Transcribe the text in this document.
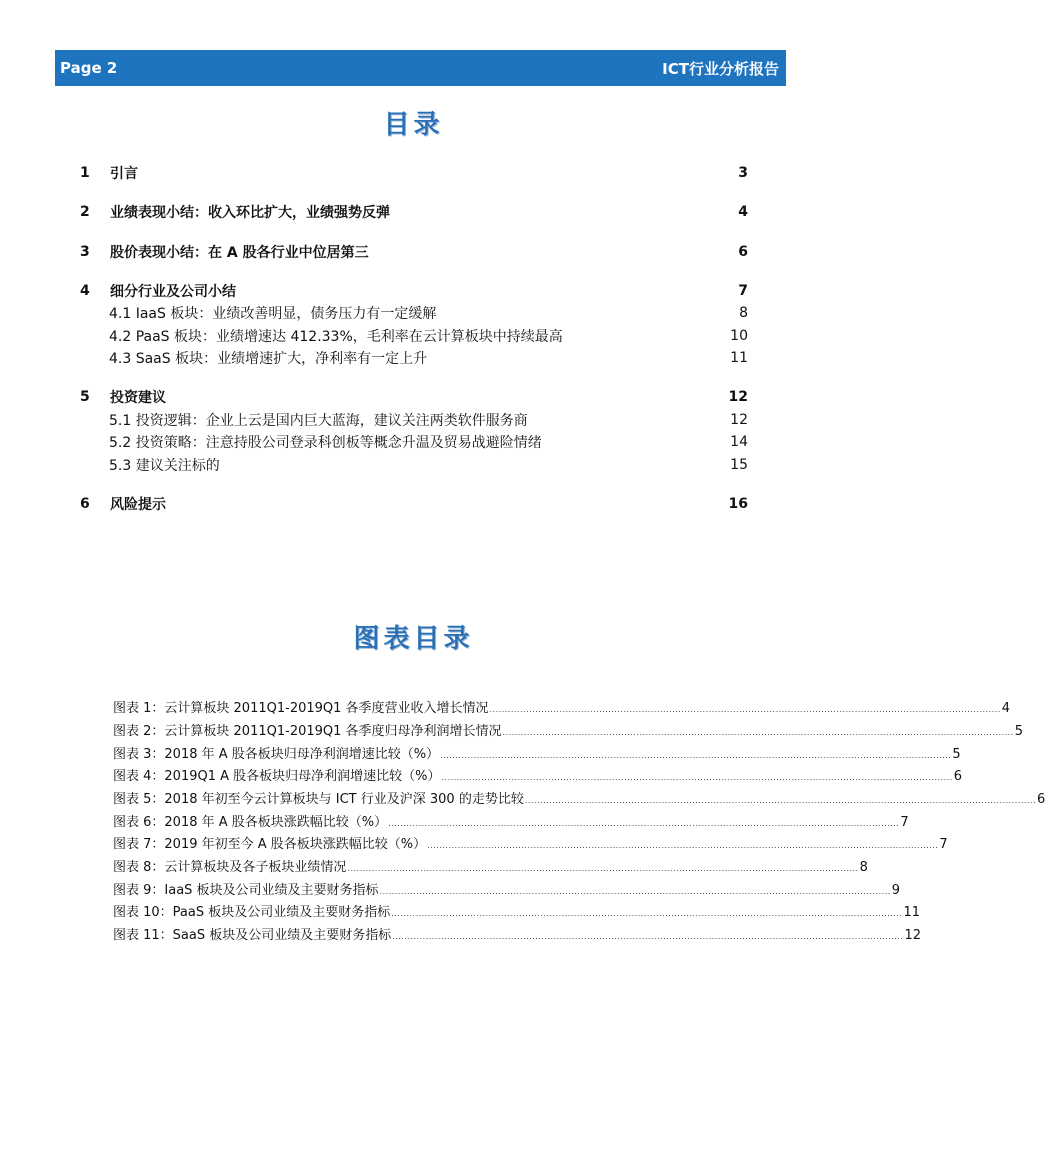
Page 2	ICT行业分析报告
目录
1	引言	3
2	业绩表现小结：收入环比扩大，业绩强势反弹	4
3	股价表现小结：在 A 股各行业中位居第三	6
4	细分行业及公司小结	7
4.1 IaaS 板块：业绩改善明显，债务压力有一定缓解	8
4.2 PaaS 板块：业绩增速达 412.33%，毛利率在云计算板块中持续最高	10
4.3 SaaS 板块：业绩增速扩大，净利率有一定上升	11
5	投资建议	12
5.1 投资逻辑：企业上云是国内巨大蓝海，建议关注两类软件服务商	12
5.2 投资策略：注意持股公司登录科创板等概念升温及贸易战避险情绪	14
5.3 建议关注标的	15
6	风险提示	16
图表目录
图表 1：云计算板块 2011Q1-2019Q1 各季度营业收入增长情况 ........................................................................................................................................................................ 4
图表 2：云计算板块 2011Q1-2019Q1 各季度归母净利润增长情况 ........................................................................................................................................................................ 5
图表 3：2018 年 A 股各板块归母净利润增速比较（%） ........................................................................................................................................................................ 5
图表 4：2019Q1 A 股各板块归母净利润增速比较（%） ........................................................................................................................................................................ 6
图表 5：2018 年初至今云计算板块与 ICT 行业及沪深 300 的走势比较 ........................................................................................................................................................................ 6
图表 6：2018 年 A 股各板块涨跌幅比较（%） ........................................................................................................................................................................ 7
图表 7：2019 年初至今 A 股各板块涨跌幅比较（%） ........................................................................................................................................................................ 7
图表 8：云计算板块及各子板块业绩情况 ........................................................................................................................................................................ 8
图表 9：IaaS 板块及公司业绩及主要财务指标 ........................................................................................................................................................................ 9
图表 10：PaaS 板块及公司业绩及主要财务指标 ........................................................................................................................................................................ 11
图表 11：SaaS 板块及公司业绩及主要财务指标 ........................................................................................................................................................................ 12
